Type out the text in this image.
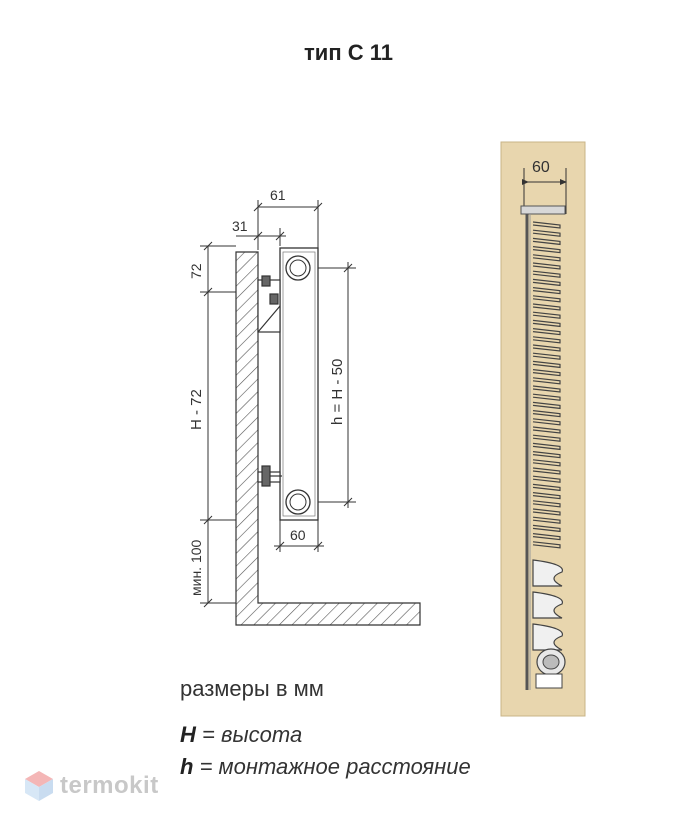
тип С 11
61
31
72
H - 72
мин. 100
h = H - 50
60
60
размеры в мм
H = высота
h = монтажное расстояние
termokit
